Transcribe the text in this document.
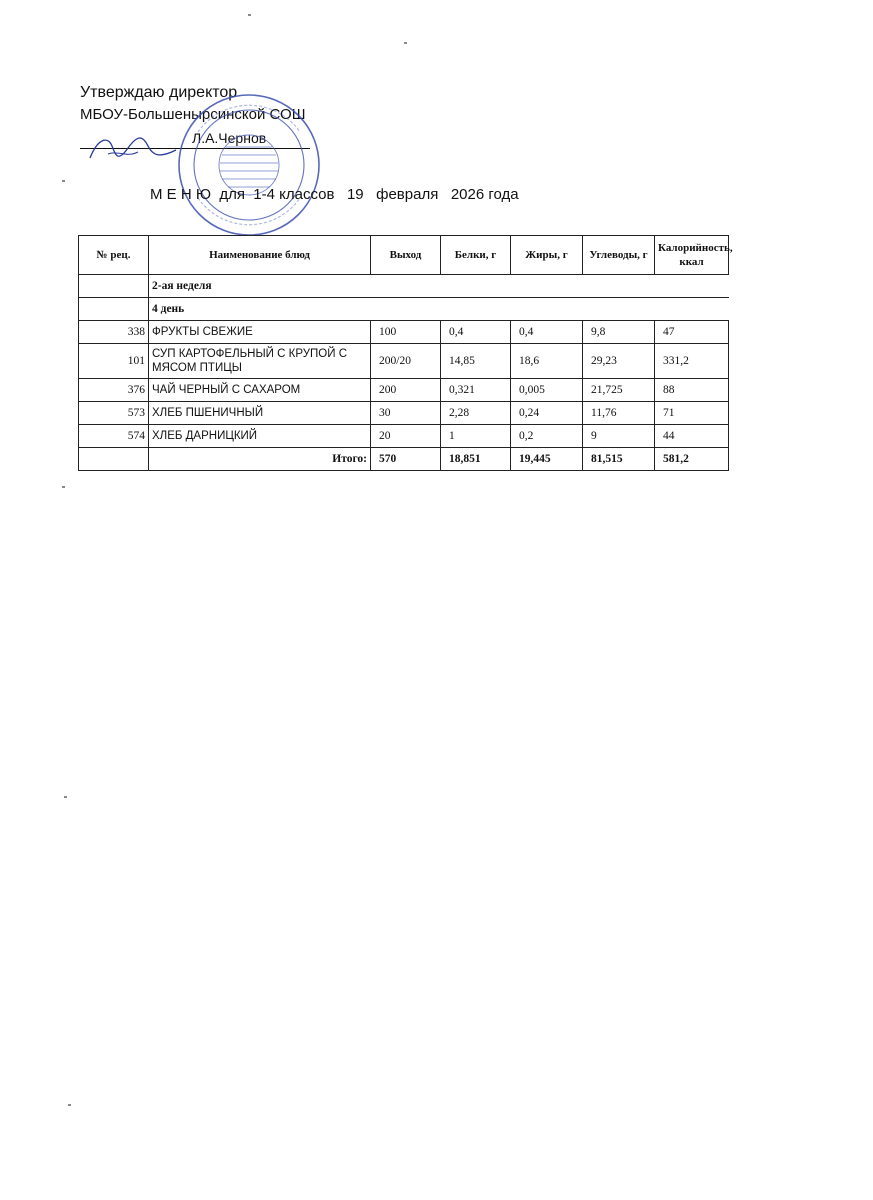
Утверждаю директор
МБОУ-Большенырсинской СОШ
Л.А.Чернов
М Е Н Ю  для  1-4 классов   19   февраля   2026 года
№ рец.	Наименование блюд	Выход	Белки, г	Жиры, г	Углеводы, г	Калорийность, ккал
	2-ая неделя					
	4 день					
338	ФРУКТЫ СВЕЖИЕ	100	0,4	0,4	9,8	47
101	СУП КАРТОФЕЛЬНЫЙ С КРУПОЙ С МЯСОМ ПТИЦЫ	200/20	14,85	18,6	29,23	331,2
376	ЧАЙ ЧЕРНЫЙ С САХАРОМ	200	0,321	0,005	21,725	88
573	ХЛЕБ ПШЕНИЧНЫЙ	30	2,28	0,24	11,76	71
574	ХЛЕБ ДАРНИЦКИЙ	20	1	0,2	9	44
	Итого:	570	18,851	19,445	81,515	581,2
